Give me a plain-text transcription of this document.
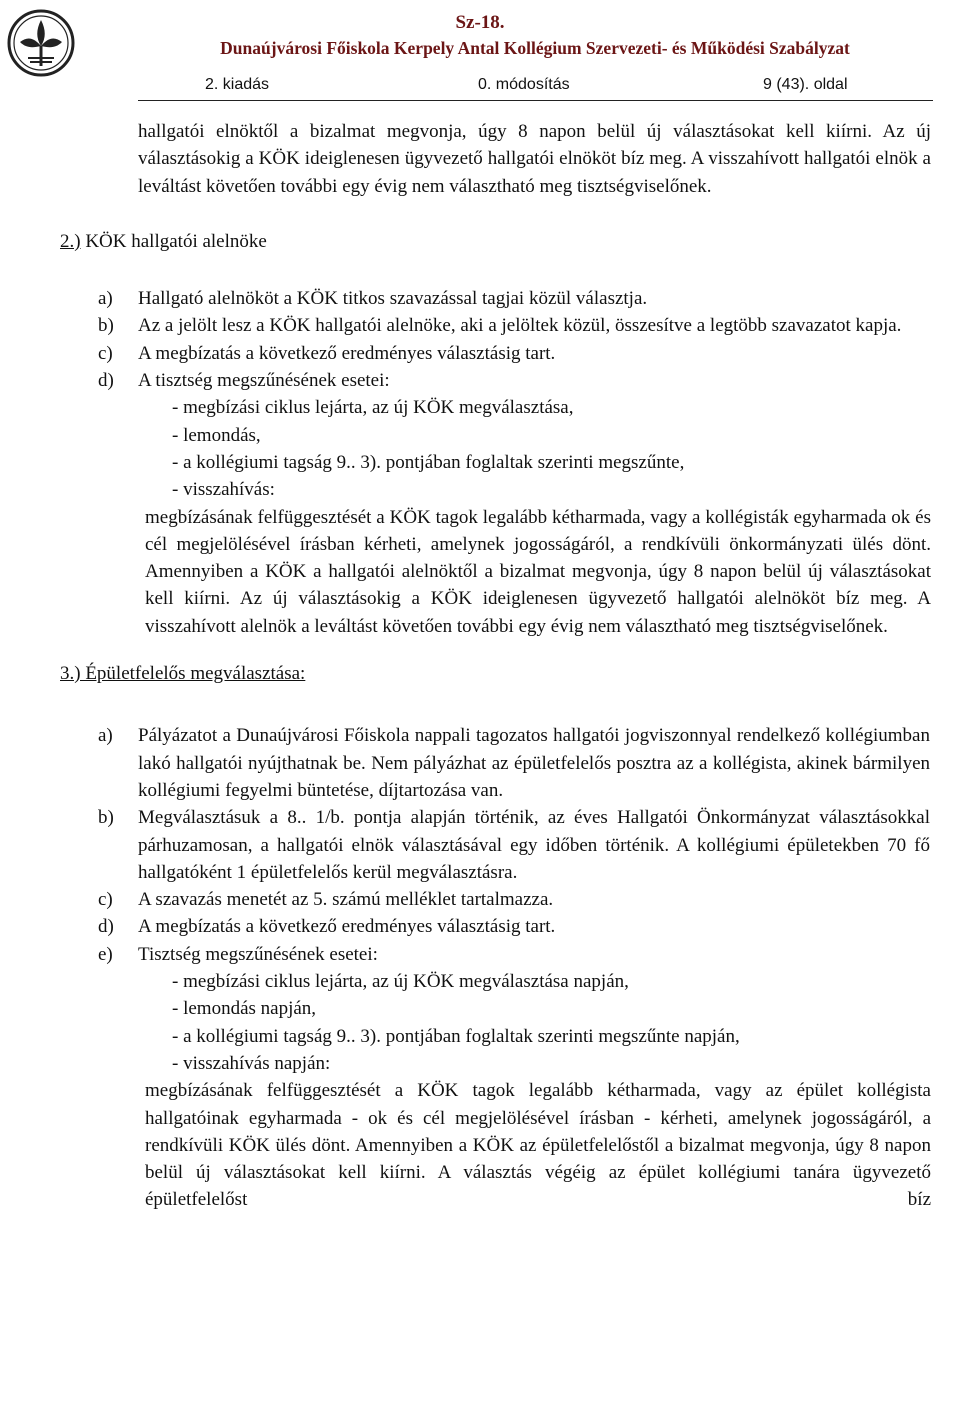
Sz-18.
Dunaújvárosi Főiskola Kerpely Antal Kollégium Szervezeti- és Működési Szabályzat
2. kiadás	0. módosítás	9 (43). oldal
hallgatói elnöktől a bizalmat megvonja, úgy 8 napon belül új választásokat kell kiírni. Az új választásokig a KÖK ideiglenesen ügyvezető hallgatói elnököt bíz meg. A visszahívott hallgatói elnök a leváltást követően további egy évig nem választható meg tisztségviselőnek.
2.) KÖK hallgatói alelnöke
a)	Hallgató alelnököt a KÖK titkos szavazással tagjai közül választja.
b)	Az a jelölt lesz a KÖK hallgatói alelnöke, aki a jelöltek közül, összesítve a legtöbb szavazatot kapja.
c)	A megbízatás a következő eredményes választásig tart.
d)	A tisztség megszűnésének esetei:
- megbízási ciklus lejárta, az új KÖK megválasztása,
- lemondás,
- a kollégiumi tagság 9.. 3). pontjában foglaltak szerinti megszűnte,
- visszahívás:
megbízásának felfüggesztését a KÖK tagok legalább kétharmada, vagy a kollégisták egyharmada ok és cél megjelölésével írásban kérheti, amelynek jogosságáról, a rendkívüli önkormányzati ülés dönt. Amennyiben a KÖK a hallgatói alelnöktől a bizalmat megvonja, úgy 8 napon belül új választásokat kell kiírni. Az új választásokig a KÖK ideiglenesen ügyvezető hallgatói alelnököt bíz meg. A visszahívott alelnök a leváltást követően további egy évig nem választható meg tisztségviselőnek.
3.) Épületfelelős megválasztása:
a)	Pályázatot a Dunaújvárosi Főiskola nappali tagozatos hallgatói jogviszonnyal rendelkező kollégiumban lakó hallgatói nyújthatnak be. Nem pályázhat az épületfelelős posztra az a kollégista, akinek bármilyen kollégiumi fegyelmi büntetése, díjtartozása van.
b)	Megválasztásuk a 8.. 1/b. pontja alapján történik, az éves Hallgatói Önkormányzat választásokkal párhuzamosan, a hallgatói elnök választásával egy időben történik. A kollégiumi épületekben 70 fő hallgatóként 1 épületfelelős kerül megválasztásra.
c)	A szavazás menetét az 5. számú melléklet tartalmazza.
d)	A megbízatás a következő eredményes választásig tart.
e)	Tisztség megszűnésének esetei:
- megbízási ciklus lejárta, az új KÖK megválasztása napján,
- lemondás napján,
- a kollégiumi tagság 9.. 3). pontjában foglaltak szerinti megszűnte napján,
- visszahívás napján:
megbízásának felfüggesztését a KÖK tagok legalább kétharmada, vagy az épület kollégista hallgatóinak egyharmada - ok és cél megjelölésével írásban - kérheti, amelynek jogosságáról, a rendkívüli KÖK ülés dönt. Amennyiben a KÖK az épületfelelőstől a bizalmat megvonja, úgy 8 napon belül új választásokat kell kiírni. A választás végéig az épület kollégiumi tanára ügyvezető épületfelelőst bíz
